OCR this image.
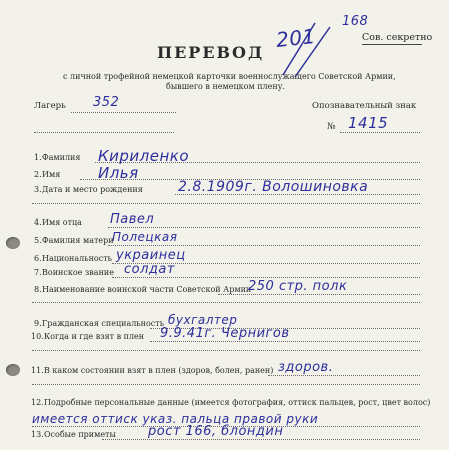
ПЕРЕВОД
201
168
Сов. секретно
с личной трофейной немецкой карточки военнослужащего Советской Армии,
бывшего в немецком плену.
Лагерь 352	Опознавательный знак
№ 1415
1. Фамилия Кириленко
2. Имя	Илья
3. Дата и место рождения	2.8.1909г. Волошиновка
4. Имя отца Павел
5. Фамилия матери
Полецкая
6. Национальность украинец
7. Воинское звание солдат
8. Наименование воинской части Советской Армии
250 стр. полк
9. Гражданская специальность бухгалтер
10. Когда и где взят в плен 9.9.41г. Чернигов
11. В каком состоянии взят в плен (здоров, болен, ранен) здоров.
12. Подробные персональные данные (имеется фотография, оттиск пальцев, рост, цвет волос)
имеется оттиск указ. пальца правой руки
13. Особые приметы рост 166, блондин
